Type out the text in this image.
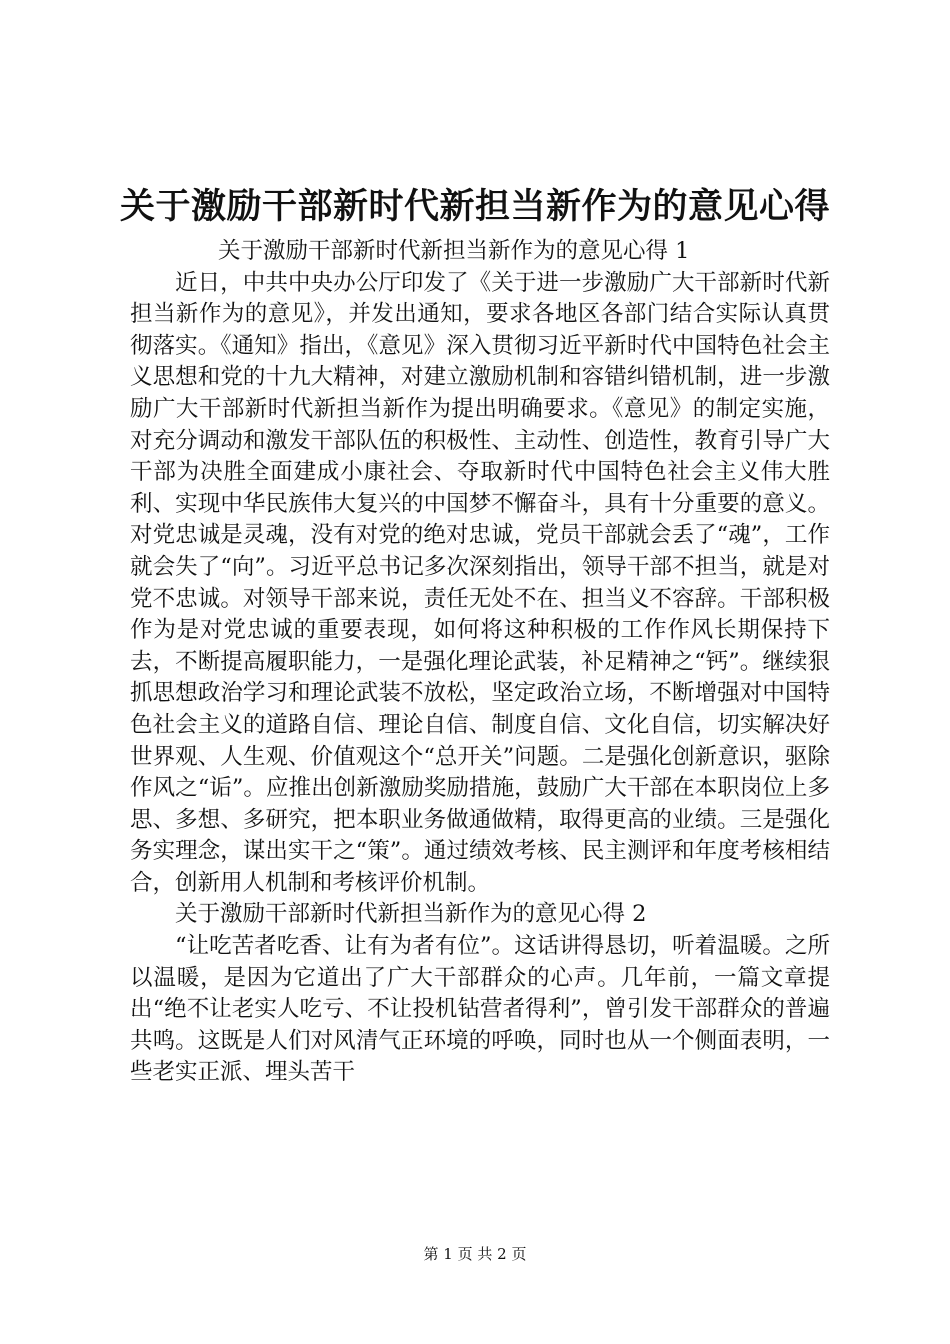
关于激励干部新时代新担当新作为的意见心得

关于激励干部新时代新担当新作为的意见心得 1

近日，中共中央办公厅印发了《关于进一步激励广大干部新时代新担当新作为的意见》，并发出通知，要求各地区各部门结合实际认真贯彻落实。《通知》指出，《意见》深入贯彻习近平新时代中国特色社会主义思想和党的十九大精神，对建立激励机制和容错纠错机制，进一步激励广大干部新时代新担当新作为提出明确要求。《意见》的制定实施，对充分调动和激发干部队伍的积极性、主动性、创造性，教育引导广大干部为决胜全面建成小康社会、夺取新时代中国特色社会主义伟大胜利、实现中华民族伟大复兴的中国梦不懈奋斗，具有十分重要的意义。对党忠诚是灵魂，没有对党的绝对忠诚，党员干部就会丢了“魂”，工作就会失了“向”。习近平总书记多次深刻指出，领导干部不担当，就是对党不忠诚。对领导干部来说，责任无处不在、担当义不容辞。干部积极作为是对党忠诚的重要表现，如何将这种积极的工作作风长期保持下去，不断提高履职能力，一是强化理论武装，补足精神之“钙”。继续狠抓思想政治学习和理论武装不放松，坚定政治立场，不断增强对中国特色社会主义的道路自信、理论自信、制度自信、文化自信，切实解决好世界观、人生观、价值观这个“总开关”问题。二是强化创新意识，驱除作风之“诟”。应推出创新激励奖励措施，鼓励广大干部在本职岗位上多思、多想、多研究，把本职业务做通做精，取得更高的业绩。三是强化务实理念，谋出实干之“策”。通过绩效考核、民主测评和年度考核相结合，创新用人机制和考核评价机制。

关于激励干部新时代新担当新作为的意见心得 2

“让吃苦者吃香、让有为者有位”。这话讲得恳切，听着温暖。之所以温暖，是因为它道出了广大干部群众的心声。几年前，一篇文章提出“绝不让老实人吃亏、不让投机钻营者得利”，曾引发干部群众的普遍共鸣。这既是人们对风清气正环境的呼唤，同时也从一个侧面表明，一些老实正派、埋头苦干

第 1 页 共 2 页
